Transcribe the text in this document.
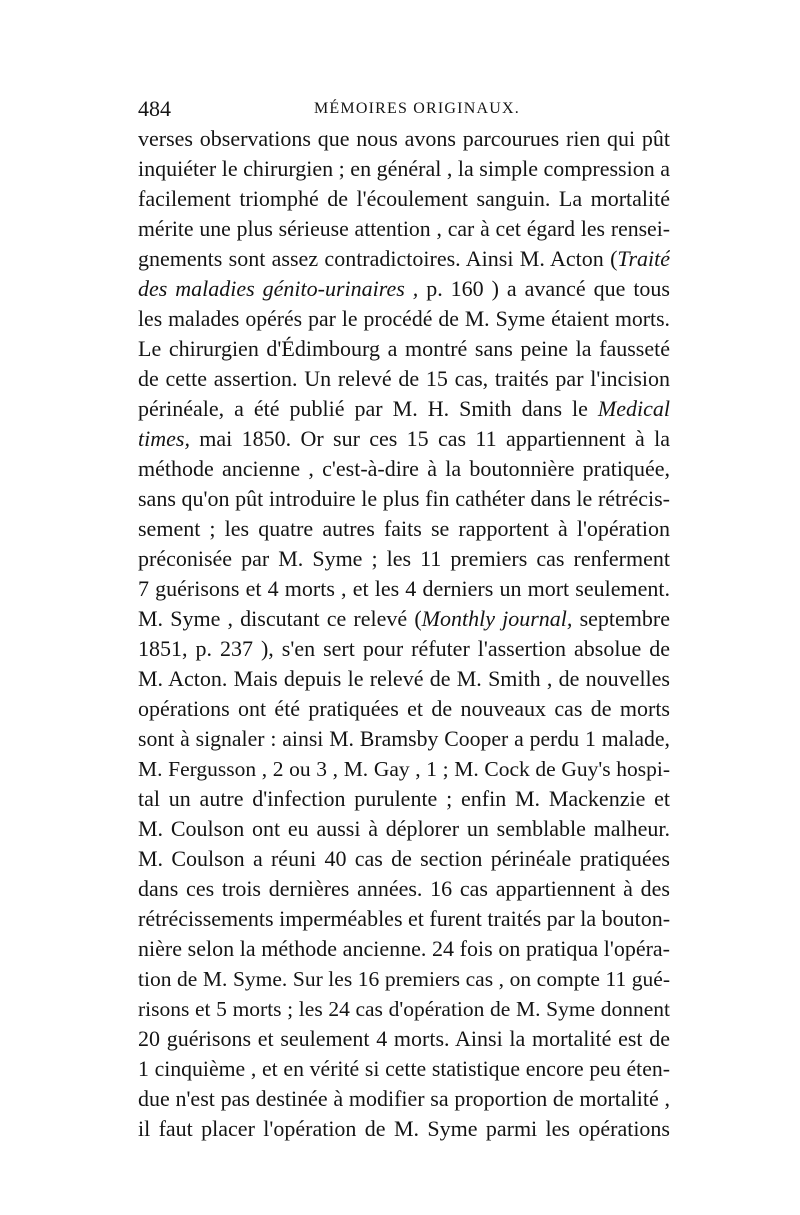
484	MÉMOIRES ORIGINAUX.
verses observations que nous avons parcourues rien qui pût
inquiéter le chirurgien ; en général , la simple compression a
facilement triomphé de l'écoulement sanguin. La mortalité
mérite une plus sérieuse attention , car à cet égard les rensei-
gnements sont assez contradictoires. Ainsi M. Acton (Traité
des maladies génito-urinaires , p. 160 ) a avancé que tous
les malades opérés par le procédé de M. Syme étaient morts.
Le chirurgien d'Édimbourg a montré sans peine la fausseté
de cette assertion. Un relevé de 15 cas, traités par l'incision
périnéale, a été publié par M. H. Smith dans le Medical
times, mai 1850. Or sur ces 15 cas 11 appartiennent à la
méthode ancienne , c'est-à-dire à la boutonnière pratiquée,
sans qu'on pût introduire le plus fin cathéter dans le rétrécis-
sement ; les quatre autres faits se rapportent à l'opération
préconisée par M. Syme ; les 11 premiers cas renferment
7 guérisons et 4 morts , et les 4 derniers un mort seulement.
M. Syme , discutant ce relevé (Monthly journal, septembre
1851, p. 237 ), s'en sert pour réfuter l'assertion absolue de
M. Acton. Mais depuis le relevé de M. Smith , de nouvelles
opérations ont été pratiquées et de nouveaux cas de morts
sont à signaler : ainsi M. Bramsby Cooper a perdu 1 malade,
M. Fergusson , 2 ou 3 , M. Gay , 1 ; M. Cock de Guy's hospi-
tal un autre d'infection purulente ; enfin M. Mackenzie et
M. Coulson ont eu aussi à déplorer un semblable malheur.
M. Coulson a réuni 40 cas de section périnéale pratiquées
dans ces trois dernières années. 16 cas appartiennent à des
rétrécissements imperméables et furent traités par la bouton-
nière selon la méthode ancienne. 24 fois on pratiqua l'opéra-
tion de M. Syme. Sur les 16 premiers cas , on compte 11 gué-
risons et 5 morts ; les 24 cas d'opération de M. Syme donnent
20 guérisons et seulement 4 morts. Ainsi la mortalité est de
1 cinquième , et en vérité si cette statistique encore peu éten-
due n'est pas destinée à modifier sa proportion de mortalité ,
il faut placer l'opération de M. Syme parmi les opérations
